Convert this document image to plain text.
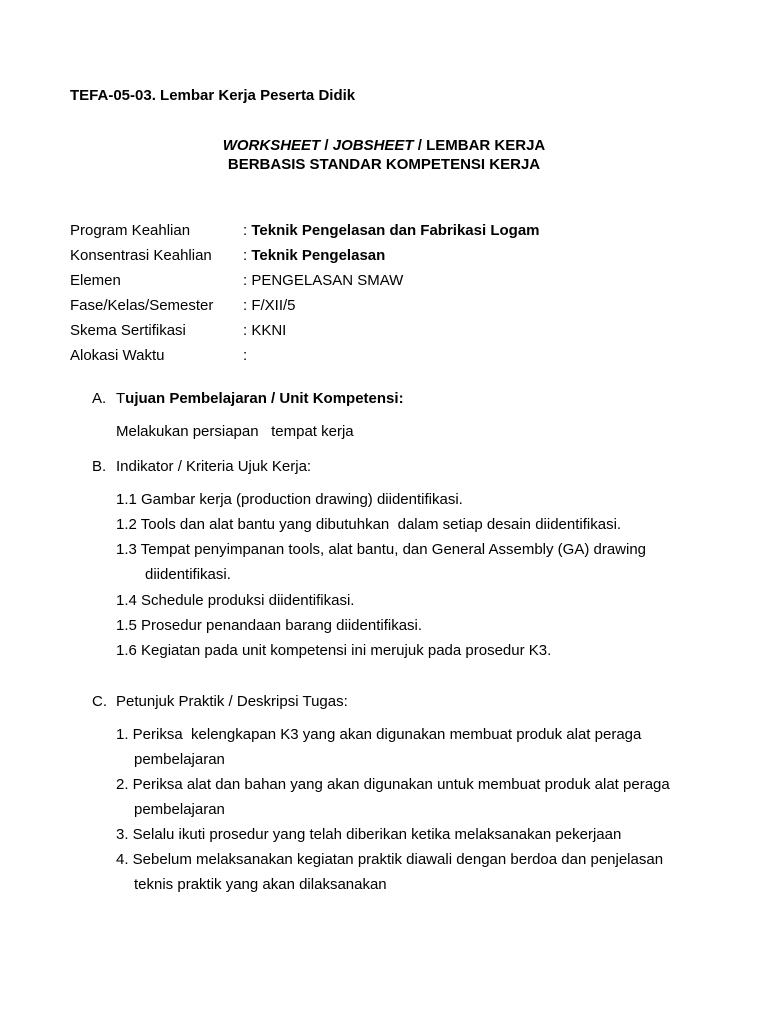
TEFA-05-03. Lembar Kerja Peserta Didik
WORKSHEET / JOBSHEET / LEMBAR KERJA
BERBASIS STANDAR KOMPETENSI KERJA
Program Keahlian	: Teknik Pengelasan dan Fabrikasi Logam
Konsentrasi Keahlian : Teknik Pengelasan
Elemen	: PENGELASAN SMAW
Fase/Kelas/Semester : F/XII/5
Skema Sertifikasi	: KKNI
Alokasi Waktu	:
A. Tujuan Pembelajaran / Unit Kompetensi:
Melakukan persiapan   tempat kerja
B. Indikator / Kriteria Ujuk Kerja:
1.1 Gambar kerja (production drawing) diidentifikasi.
1.2 Tools dan alat bantu yang dibutuhkan  dalam setiap desain diidentifikasi.
1.3 Tempat penyimpanan tools, alat bantu, dan General Assembly (GA) drawing
diidentifikasi.
1.4 Schedule produksi diidentifikasi.
1.5 Prosedur penandaan barang diidentifikasi.
1.6 Kegiatan pada unit kompetensi ini merujuk pada prosedur K3.
C. Petunjuk Praktik / Deskripsi Tugas:
1. Periksa  kelengkapan K3 yang akan digunakan membuat produk alat peraga
pembelajaran
2. Periksa alat dan bahan yang akan digunakan untuk membuat produk alat peraga
pembelajaran
3. Selalu ikuti prosedur yang telah diberikan ketika melaksanakan pekerjaan
4. Sebelum melaksanakan kegiatan praktik diawali dengan berdoa dan penjelasan
teknis praktik yang akan dilaksanakan
